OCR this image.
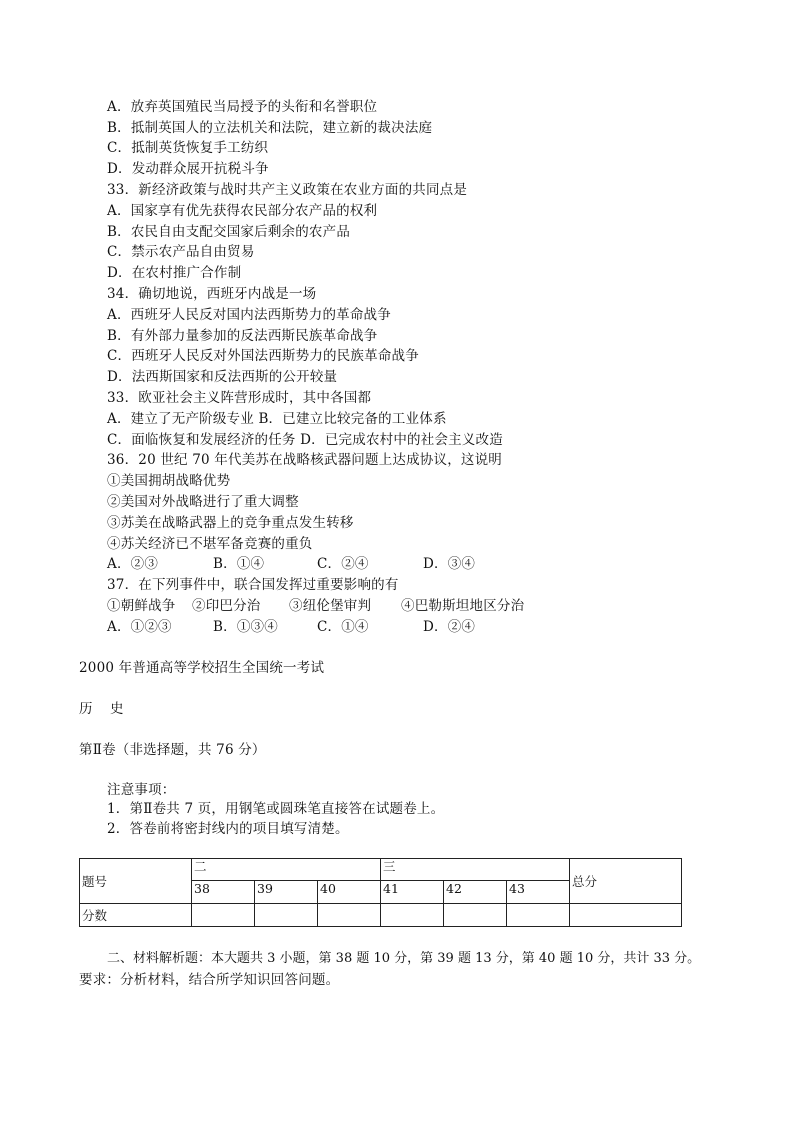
A．放弃英国殖民当局授予的头衔和名誉职位
B．抵制英国人的立法机关和法院，建立新的裁决法庭
C．抵制英货恢复手工纺织
D．发动群众展开抗税斗争
33．新经济政策与战时共产主义政策在农业方面的共同点是
A．国家享有优先获得农民部分农产品的权利
B．农民自由支配交国家后剩余的农产品
C．禁示农产品自由贸易
D．在农村推广合作制
34．确切地说，西班牙内战是一场
A．西班牙人民反对国内法西斯势力的革命战争
B．有外部力量参加的反法西斯民族革命战争
C．西班牙人民反对外国法西斯势力的民族革命战争
D．法西斯国家和反法西斯的公开较量
33．欧亚社会主义阵营形成时，其中各国都
A．建立了无产阶级专业 B．已建立比较完备的工业体系
C．面临恢复和发展经济的任务 D．已完成农村中的社会主义改造
36．20 世纪 70 年代美苏在战略核武器问题上达成协议，这说明
①美国拥胡战略优势
②美国对外战略进行了重大调整
③苏美在战略武器上的竞争重点发生转移
④苏关经济已不堪军备竞赛的重负
A．②③	B．①④	C．②④	D．③④
37．在下列事件中，联合国发挥过重要影响的有
①朝鲜战争 ②印巴分治 ③纽伦堡审判 ④巴勒斯坦地区分治
A．①②③	B．①③④	C．①④	D．②④
2000 年普通高等学校招生全国统一考试
历　史
第Ⅱ卷（非选择题，共 76 分）
注意事项：
1．第Ⅱ卷共 7 页，用钢笔或圆珠笔直接答在试题卷上。
2．答卷前将密封线内的项目填写清楚。
题号	二			三			总分
	38	39	40	41	42	43	
分数							
二、材料解析题：本大题共 3 小题，第 38 题 10 分，第 39 题 13 分，第 40 题 10 分，共计 33 分。
要求：分析材料，结合所学知识回答问题。
